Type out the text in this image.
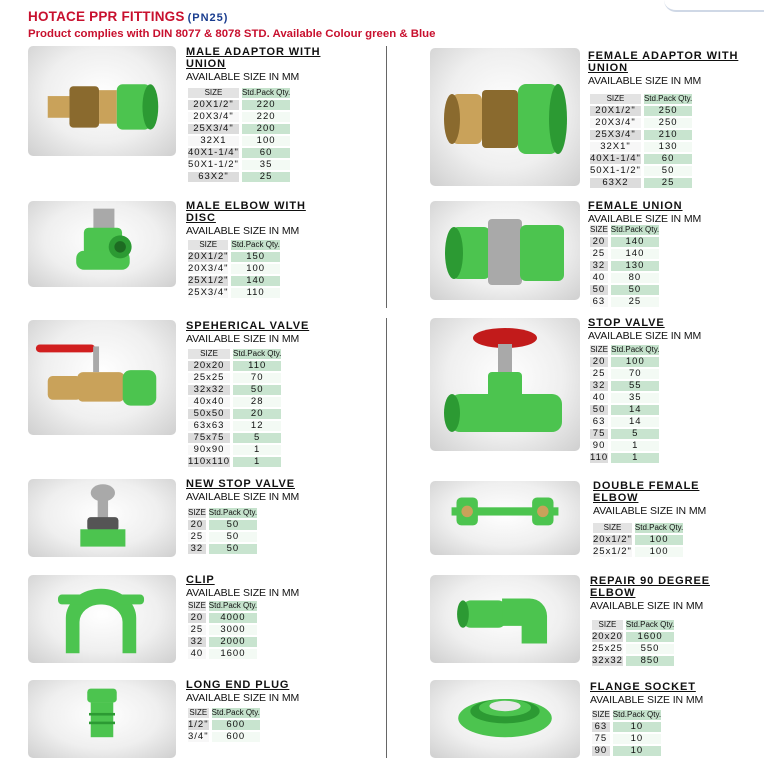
HOTACE PPR FITTINGS (PN25)
Product complies with DIN 8077 & 8078 STD. Available Colour green & Blue
MALE ADAPTOR WITH
UNION
AVAILABLE SIZE IN MM
SIZE	Std.Pack Qty.
20X1/2"	220
20X3/4"	220
25X3/4"	200
32X1	100
40X1-1/4"	60
50X1-1/2"	35
63X2"	25
FEMALE ADAPTOR WITH
UNION
AVAILABLE SIZE IN MM
SIZE	Std.Pack Qty.
20X1/2"	250
20X3/4"	250
25X3/4"	210
32X1"	130
40X1-1/4"	60
50X1-1/2"	50
63X2	25
MALE ELBOW WITH
DISC
AVAILABLE SIZE IN MM
SIZE	Std.Pack Qty.
20X1/2"	150
20X3/4"	100
25X1/2"	140
25X3/4"	110
FEMALE UNION
AVAILABLE SIZE IN MM
SIZE	Std.Pack Qty.
20	140
25	140
32	130
40	80
50	50
63	25
SPEHERICAL VALVE
AVAILABLE SIZE IN MM
SIZE	Std.Pack Qty.
20x20	110
25x25	70
32x32	50
40x40	28
50x50	20
63x63	12
75x75	5
90x90	1
110x110	1
STOP VALVE
AVAILABLE SIZE IN MM
SIZE	Std.Pack Qty.
20	100
25	70
32	55
40	35
50	14
63	14
75	5
90	1
110	1
NEW STOP VALVE
AVAILABLE SIZE IN MM
SIZE	Std.Pack Qty.
20	50
25	50
32	50
DOUBLE FEMALE
ELBOW
AVAILABLE SIZE IN MM
SIZE	Std.Pack Qty.
20x1/2"	100
25x1/2"	100
CLIP
AVAILABLE SIZE IN MM
SIZE	Std.Pack Qty.
20	4000
25	3000
32	2000
40	1600
REPAIR 90 DEGREE
ELBOW
AVAILABLE SIZE IN MM
SIZE	Std.Pack Qty.
20x20	1600
25x25	550
32x32	850
LONG END PLUG
AVAILABLE SIZE IN MM
SIZE	Std.Pack Qty.
1/2"	600
3/4"	600
FLANGE SOCKET
AVAILABLE SIZE IN MM
SIZE	Std.Pack Qty.
63	10
75	10
90	10
